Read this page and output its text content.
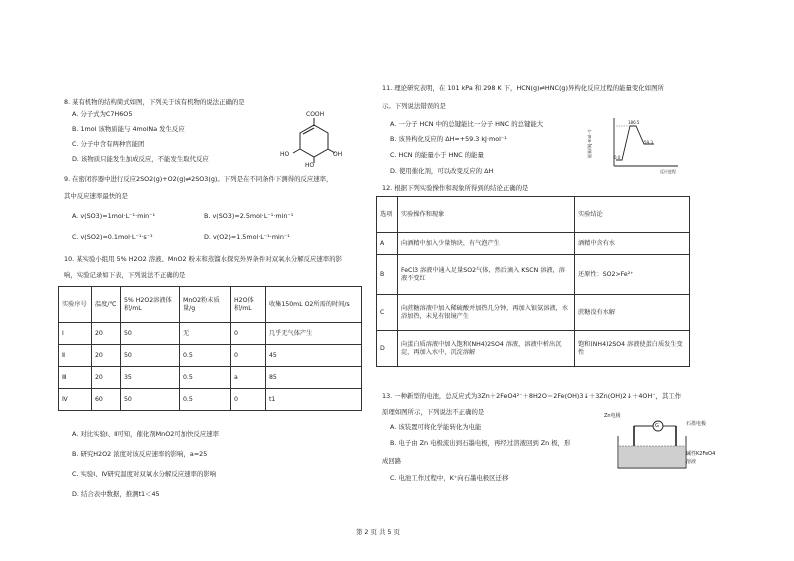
8. 某有机物的结构简式如图，下列关于该有机物的说法正确的是
A. 分子式为C7H6O5
B. 1mol 该物质能与 4molNa 发生反应
C. 分子中含有两种官能团
D. 该物质只能发生加成反应，不能发生取代反应
COOH
HO
HO
OH
9. 在密闭容器中进行反应2SO2(g)+O2(g)⇌2SO3(g)。下列是在不同条件下测得的反应速率，
其中反应速率最快的是
A. v(SO3)=1mol·L⁻¹·min⁻¹	B. v(SO3)=2.5mol·L⁻¹·min⁻¹
C. v(SO2)=0.1mol·L⁻¹·s⁻¹	D. v(O2)=1.5mol·L⁻¹·min⁻¹
10. 某实验小组用 5% H2O2 溶液、MnO2 粉末和蒸馏水探究外界条件对双氧水分解反应速率的影
响，实验记录如下表，下列说法不正确的是
实验序号	温度/℃	5% H2O2溶液体积/mL	MnO2粉末质量/g	H2O体积/mL	收集150mL O2所需的时间/s
Ⅰ	20	50	无	0	几乎无气体产生
Ⅱ	20	50	0.5	0	45
Ⅲ	20	35	0.5	a	85
Ⅳ	60	50	0.5	0	t1
A. 对比实验Ⅰ、Ⅱ可知，催化剂MnO2可加快反应速率
B. 研究H2O2 浓度对该反应速率的影响，a=25
C. 实验Ⅰ、Ⅳ研究温度对双氧水分解反应速率的影响
D. 结合表中数据，推测t1＜45
11. 理论研究表明，在 101 kPa 和 298 K 下，HCN(g)⇌HNC(g)异构化反应过程的能量变化如图所
示。下列说法错误的是
A. 一分子 HCN 中的总键能比一分子 HNC 的总键能大
B. 该异构化反应的 ΔH=+59.3 kJ·mol⁻¹
C. HCN 的能量小于 HNC 的能量
D. 使用催化剂，可以改变反应的 ΔH
能量/(kJ·mol⁻¹)
186.5
59.3
0.0
反应进程
12. 根据下列实验操作和现象所得到的结论正确的是
选项	实验操作和现象	实验结论
A	向酒精中加入少量钠块，有气泡产生	酒精中含有水
B	FeCl3 溶液中通入足量SO2气体，然后滴入 KSCN 溶液，溶液不变红	还原性：SO2>Fe²⁺
C	向蔗糖溶液中加入稀硫酸并加热几分钟，再加入银氨溶液，水浴加热，未见有银镜产生	蔗糖没有水解
D	向蛋白质溶液中加入饱和(NH4)2SO4 溶液，溶液中析出沉淀，再加入水中，沉淀溶解	饱和(NH4)2SO4 溶液使蛋白质发生变性
13. 一种新型的电池，总反应式为3Zn＋2FeO4²⁻＋8H2O＝2Fe(OH)3↓＋3Zn(OH)2↓＋4OH⁻，其工作
原理如图所示，下列说法不正确的是
A. 该装置可将化学能转化为电能
B. 电子由 Zn 电极流出到石墨电极，再经过溶液回到 Zn 极，形
成回路
C. 电池工作过程中，K⁺向石墨电极区迁移
G
Zn电极
石墨电极
碱性K2FeO4
溶液
第 2 页 共 5 页
